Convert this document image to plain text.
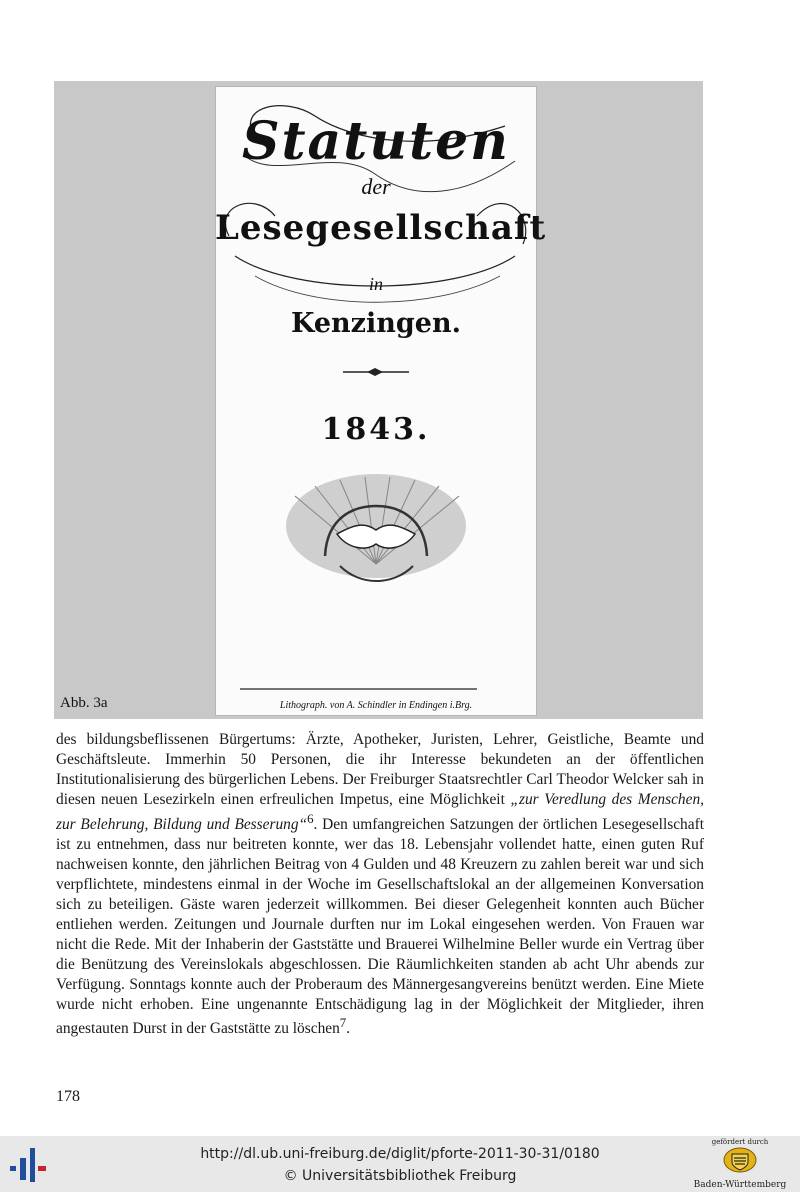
Statuten
der
Lesegesellschaft
in
Kenzingen.
1843.
Lithograph. von A. Schindler in Endingen i.Brg.
Abb. 3a

des bildungsbeflissenen Bürgertums: Ärzte, Apotheker, Juristen, Lehrer, Geistliche, Beamte und Geschäftsleute. Immerhin 50 Personen, die ihr Interesse bekundeten an der öffentlichen Institutionalisierung des bürgerlichen Lebens. Der Freiburger Staatsrechtler Carl Theodor Welcker sah in diesen neuen Lesezirkeln einen erfreulichen Impetus, eine Möglichkeit „zur Veredlung des Menschen, zur Belehrung, Bildung und Besserung“$^6$. Den umfangreichen Satzungen der örtlichen Lesegesellschaft ist zu entnehmen, dass nur beitreten konnte, wer das 18. Lebensjahr vollendet hatte, einen guten Ruf nachweisen konnte, den jährlichen Beitrag von 4 Gulden und 48 Kreuzern zu zahlen bereit war und sich verpflichtete, mindestens einmal in der Woche im Gesellschaftslokal an der allgemeinen Konversation sich zu beteiligen. Gäste waren jederzeit willkommen. Bei dieser Gelegenheit konnten auch Bücher entliehen werden. Zeitungen und Journale durften nur im Lokal eingesehen werden. Von Frauen war nicht die Rede. Mit der Inhaberin der Gaststätte und Brauerei Wilhelmine Beller wurde ein Vertrag über die Benützung des Vereinslokals abgeschlossen. Die Räumlichkeiten standen ab acht Uhr abends zur Verfügung. Sonntags konnte auch der Proberaum des Männergesangvereins benützt werden. Eine Miete wurde nicht erhoben. Eine ungenannte Entschädigung lag in der Möglichkeit der Mitglieder, ihren angestauten Durst in der Gaststätte zu löschen$^7$.

178
http://dl.ub.uni-freiburg.de/diglit/pforte-2011-30-31/0180
© Universitätsbibliothek Freiburg
gefördert durch
Baden-Württemberg
